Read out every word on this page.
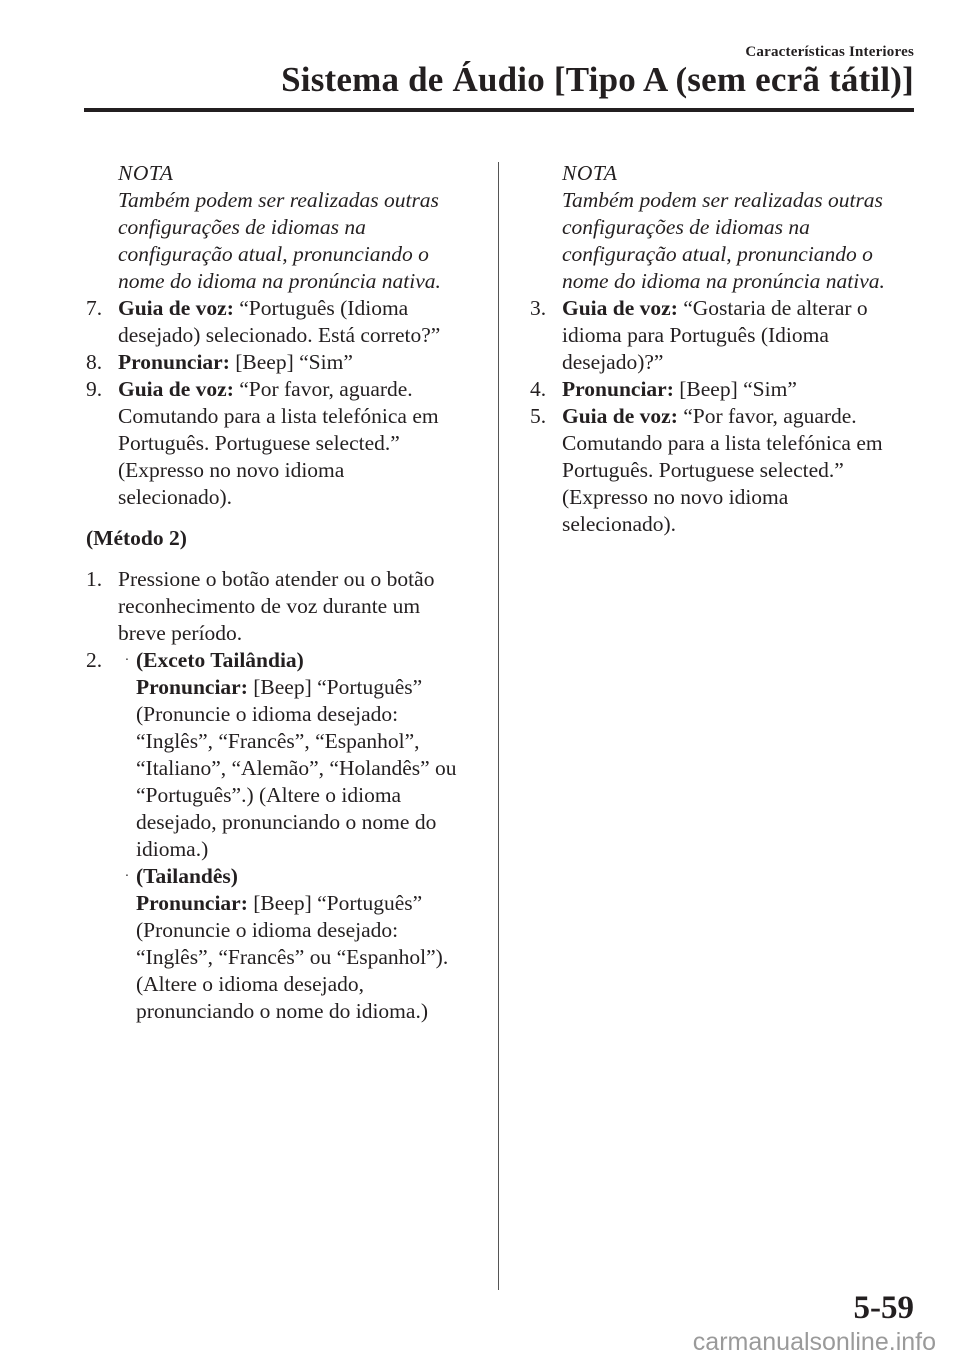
Características Interiores
Sistema de Áudio [Tipo A (sem ecrã tátil)]
NOTA
Também podem ser realizadas outras
configurações de idiomas na
configuração atual, pronunciando o
nome do idioma na pronúncia nativa.
7. Guia de voz: “Português (Idioma
desejado) selecionado. Está correto?”
8. Pronunciar: [Beep] “Sim”
9. Guia de voz: “Por favor, aguarde.
Comutando para a lista telefónica em
Português. Portuguese selected.”
(Expresso no novo idioma
selecionado).
(Método 2)
1. Pressione o botão atender ou o botão
reconhecimento de voz durante um
breve período.
2.	· (Exceto Tailândia)
Pronunciar: [Beep] “Português”
(Pronuncie o idioma desejado:
“Inglês”, “Francês”, “Espanhol”,
“Italiano”, “Alemão”, “Holandês” ou
“Português”.) (Altere o idioma
desejado, pronunciando o nome do
idioma.)
· (Tailandês)
Pronunciar: [Beep] “Português”
(Pronuncie o idioma desejado:
“Inglês”, “Francês” ou “Espanhol”).
(Altere o idioma desejado,
pronunciando o nome do idioma.)
NOTA
Também podem ser realizadas outras
configurações de idiomas na
configuração atual, pronunciando o
nome do idioma na pronúncia nativa.
3. Guia de voz: “Gostaria de alterar o
idioma para Português (Idioma
desejado)?”
4. Pronunciar: [Beep] “Sim”
5. Guia de voz: “Por favor, aguarde.
Comutando para a lista telefónica em
Português. Portuguese selected.”
(Expresso no novo idioma
selecionado).
5-59
carmanualsonline.info
